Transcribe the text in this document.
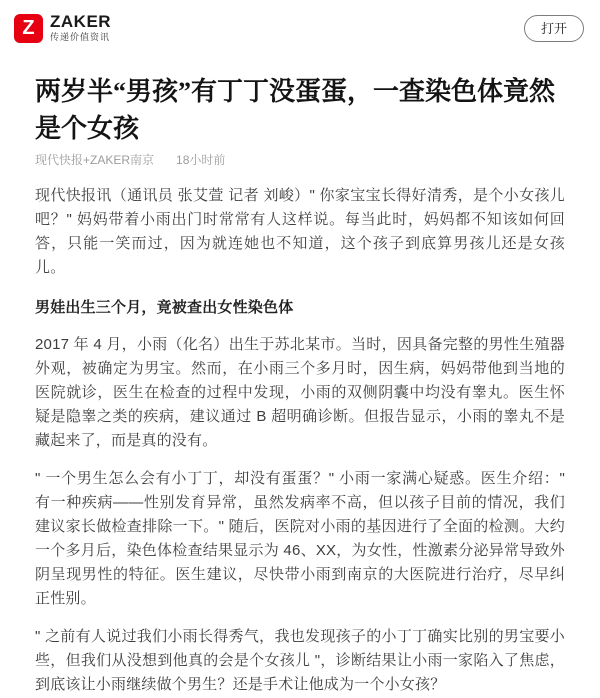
Z ZAKER
传递价值资讯
打开
两岁半“男孩”有丁丁没蛋蛋，一查染色体竟然是个女孩
现代快报+ZAKER南京 18小时前

现代快报讯（通讯员 张艾萱 记者 刘峻）" 你家宝宝长得好清秀，是个小女孩儿吧？" 妈妈带着小雨出门时常常有人这样说。每当此时，妈妈都不知该如何回答，只能一笑而过，因为就连她也不知道，这个孩子到底算男孩儿还是女孩儿。

男娃出生三个月，竟被查出女性染色体

2017 年 4 月，小雨（化名）出生于苏北某市。当时，因具备完整的男性生殖器外观，被确定为男宝。然而，在小雨三个多月时，因生病，妈妈带他到当地的医院就诊，医生在检查的过程中发现，小雨的双侧阴囊中均没有睾丸。医生怀疑是隐睾之类的疾病，建议通过 B 超明确诊断。但报告显示，小雨的睾丸不是藏起来了，而是真的没有。

" 一个男生怎么会有小丁丁，却没有蛋蛋？" 小雨一家满心疑惑。医生介绍：" 有一种疾病——性别发育异常，虽然发病率不高，但以孩子目前的情况，我们建议家长做检查排除一下。" 随后，医院对小雨的基因进行了全面的检测。大约一个多月后，染色体检查结果显示为 46、XX，为女性，性激素分泌异常导致外阴呈现男性的特征。医生建议，尽快带小雨到南京的大医院进行治疗，尽早纠正性别。

" 之前有人说过我们小雨长得秀气，我也发现孩子的小丁丁确实比别的男宝要小些，但我们从没想到他真的会是个女孩儿 "，诊断结果让小雨一家陷入了焦虑，到底该让小雨继续做个男生？还是手术让他成为一个小女孩？
